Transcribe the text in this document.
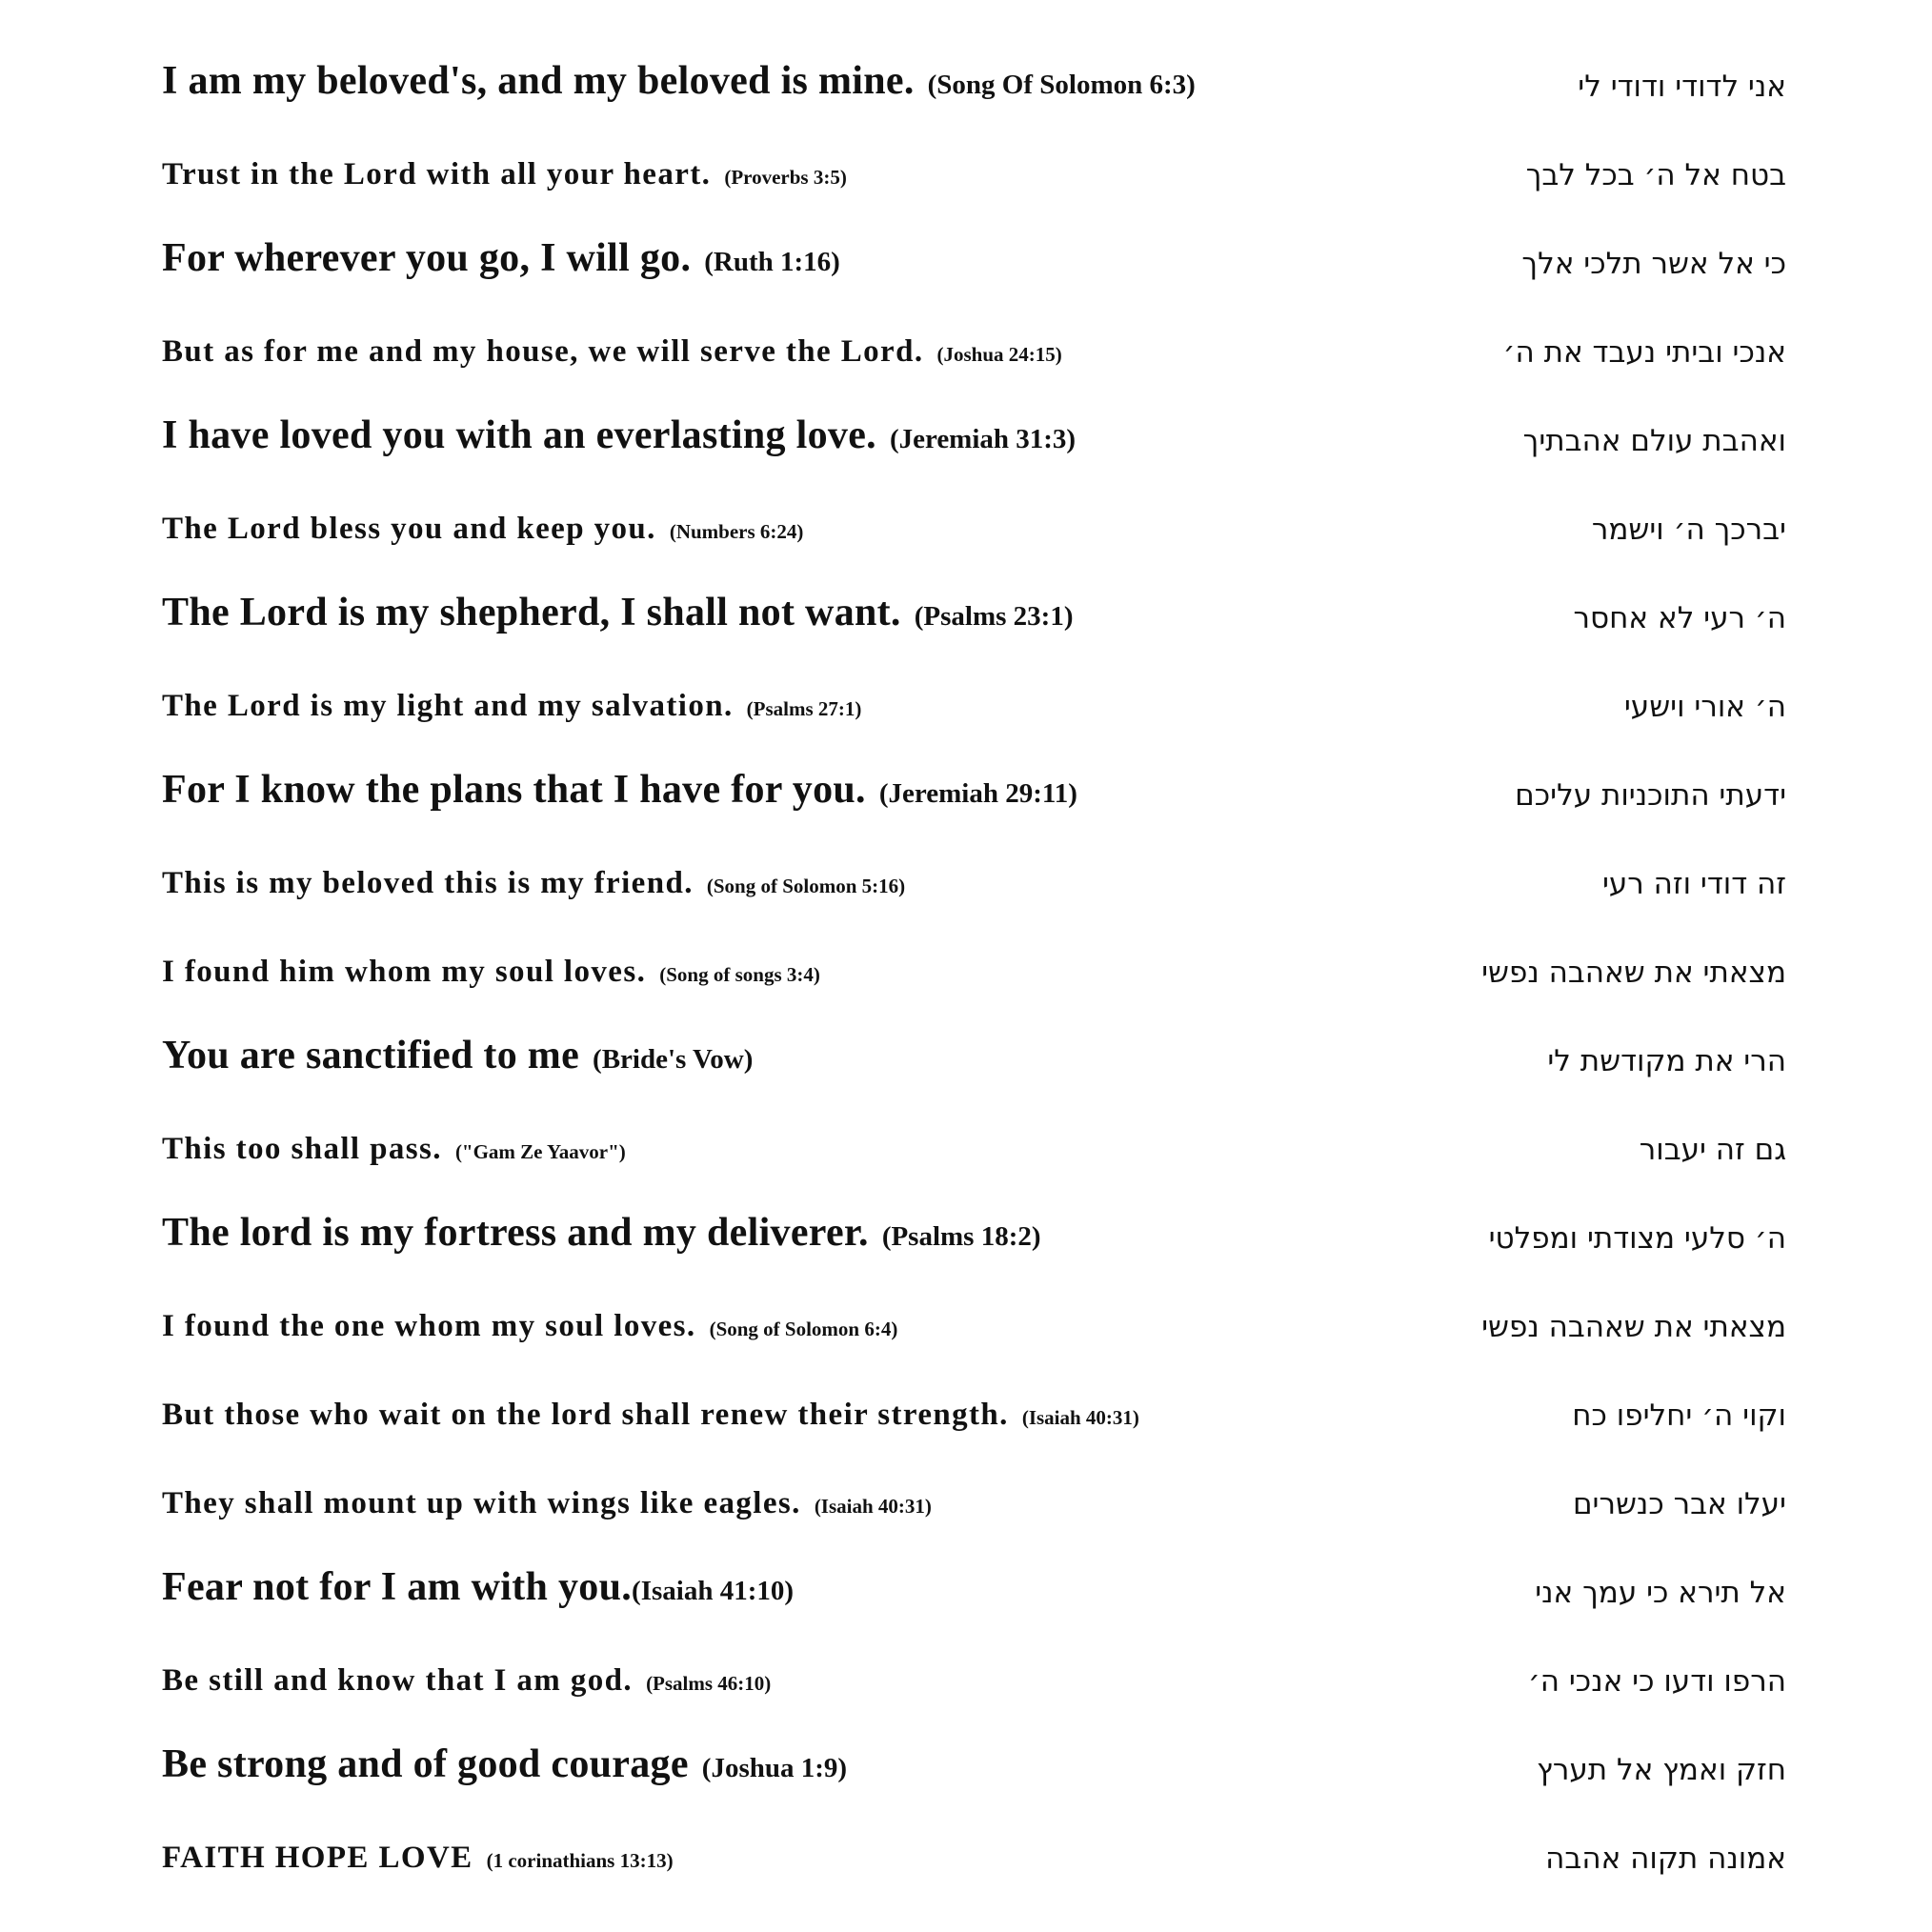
I am my beloved's, and my beloved is mine. (Song Of Solomon 6:3)	אני לדודי ודודי לי
Trust in the Lord with all your heart. (Proverbs 3:5)	בטח אל ה׳ בכל לבך
For wherever you go, I will go. (Ruth 1:16)	כי אל אשר תלכי אלך
But as for me and my house, we will serve the Lord. (Joshua 24:15)	אנכי וביתי נעבד את ה׳
I have loved you with an everlasting love. (Jeremiah 31:3)	ואהבת עולם אהבתיך
The Lord bless you and keep you. (Numbers 6:24)	יברכך ה׳ וישמר
The Lord is my shepherd, I shall not want. (Psalms 23:1)	ה׳ רעי לא אחסר
The Lord is my light and my salvation. (Psalms 27:1)	ה׳ אורי וישעי
For I know the plans that I have for you. (Jeremiah 29:11)	ידעתי התוכניות עליכם
This is my beloved this is my friend. (Song of Solomon 5:16)	זה דודי וזה רעי
I found him whom my soul loves. (Song of songs 3:4)	מצאתי את שאהבה נפשי
You are sanctified to me (Bride's Vow)	הרי את מקודשת לי
This too shall pass. ("Gam Ze Yaavor")	גם זה יעבור
The lord is my fortress and my deliverer. (Psalms 18:2)	ה׳ סלעי מצודתי ומפלטי
I found the one whom my soul loves. (Song of Solomon 6:4)	מצאתי את שאהבה נפשי
But those who wait on the lord shall renew their strength. (Isaiah 40:31)	וקוי ה׳ יחליפו כח
They shall mount up with wings like eagles. (Isaiah 40:31)	יעלו אבר כנשרים
Fear not for I am with you.(Isaiah 41:10)	אל תירא כי עמך אני
Be still and know that I am god. (Psalms 46:10)	הרפו ודעו כי אנכי ה׳
Be strong and of good courage (Joshua 1:9)	חזק ואמץ אל תערץ
FAITH HOPE LOVE (1 corinathians 13:13)	אמונה תקוה אהבה
